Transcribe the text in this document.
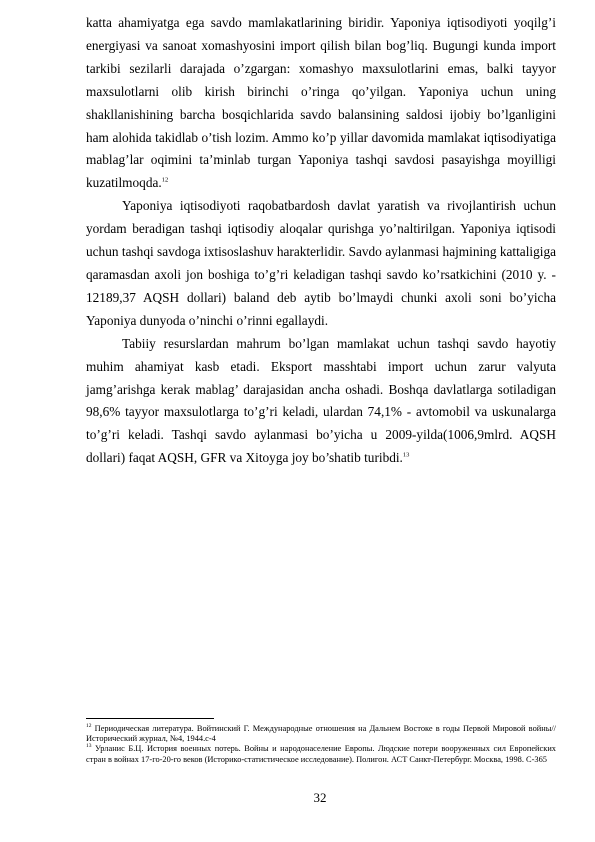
katta ahamiyatga ega savdo mamlakatlarining biridir. Yaponiya iqtisodiyoti yoqilg’i energiyasi va sanoat xomashyosini import qilish bilan bog’liq. Bugungi kunda import tarkibi sezilarli darajada o’zgargan: xomashyo maxsulotlarini emas, balki tayyor maxsulotlarni olib kirish birinchi o’ringa qo’yilgan. Yaponiya uchun uning shakllanishining barcha bosqichlarida savdo balansining saldosi ijobiy bo’lganligini ham alohida takidlab o’tish lozim. Ammo ko’p yillar davomida mamlakat iqtisodiyatiga mablag’lar oqimini ta’minlab turgan Yaponiya tashqi savdosi pasayishga moyilligi kuzatilmoqda.$^{12}$

Yaponiya iqtisodiyoti raqobatbardosh davlat yaratish va rivojlantirish uchun yordam beradigan tashqi iqtisodiy aloqalar qurishga yo’naltirilgan. Yaponiya iqtisodi uchun tashqi savdoga ixtisoslashuv harakterlidir. Savdo aylanmasi hajmining kattaligiga qaramasdan axoli jon boshiga to’g’ri keladigan tashqi savdo ko’rsatkichini (2010 y. - 12189,37 AQSH dollari) baland deb aytib bo’lmaydi chunki axoli soni bo’yicha Yaponiya dunyoda o’ninchi o’rinni egallaydi.

Tabiiy resurslardan mahrum bo’lgan mamlakat uchun tashqi savdo hayotiy muhim ahamiyat kasb etadi. Eksport masshtabi import uchun zarur valyuta jamg’arishga kerak mablag’ darajasidan ancha oshadi. Boshqa davlatlarga sotiladigan 98,6% tayyor maxsulotlarga to’g’ri keladi, ulardan 74,1% - avtomobil va uskunalarga to’g’ri keladi. Tashqi savdo aylanmasi bo’yicha u 2009-yilda(1006,9mlrd. AQSH dollari) faqat AQSH, GFR va Xitoyga joy bo’shatib turibdi.$^{13}$

$^{12}$ Периодическая литература. Войтинский Г. Международные отношения на Дальнем Востоке в годы Первой Мировой войны//Исторический журнал, №4, 1944.с-4

$^{13}$ Урланис Б.Ц. История военных потерь. Войны и народонаселение Европы. Людские потери вооруженных сил Европейских стран в войнах 17-го-20-го веков (Историко-статистическое исследование). Полигон. АСТ Санкт-Петербург. Москва, 1998. С-365

32
